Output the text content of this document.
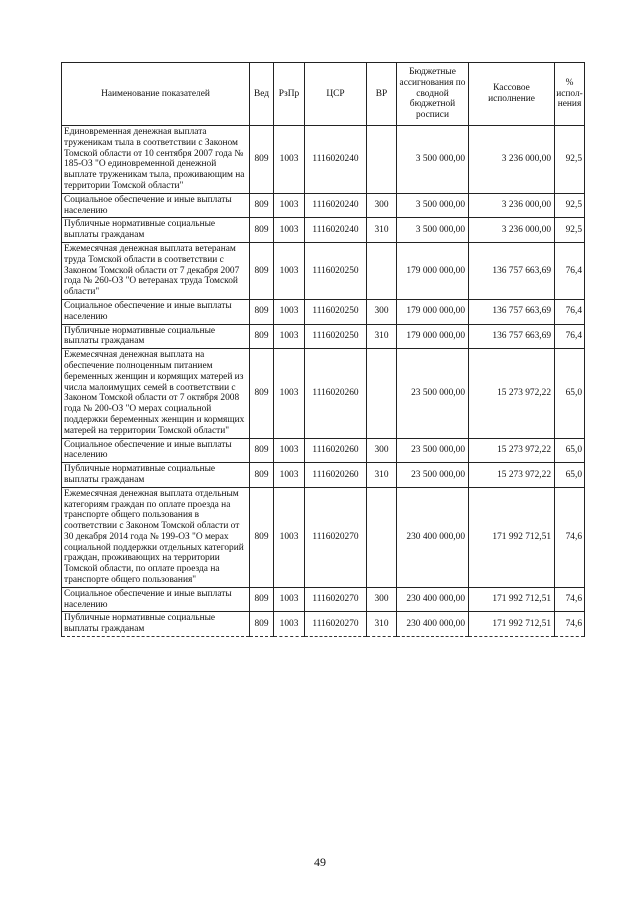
Наименование показателей	Вед	РзПр	ЦСР	ВР	Бюджетные ассигнования по сводной бюджетной росписи	Кассовое исполнение	% испол- нения
Единовременная денежная выплата труженикам тыла в соответствии с Законом Томской области от 10 сентября 2007 года № 185-ОЗ "О единовременной денежной выплате труженикам тыла, проживающим на территории Томской области"	809	1003	1116020240		3 500 000,00	3 236 000,00	92,5
Социальное обеспечение и иные выплаты населению	809	1003	1116020240	300	3 500 000,00	3 236 000,00	92,5
Публичные нормативные социальные выплаты гражданам	809	1003	1116020240	310	3 500 000,00	3 236 000,00	92,5
Ежемесячная денежная выплата ветеранам труда Томской области в соответствии с Законом Томской области от 7 декабря 2007 года № 260-ОЗ "О ветеранах труда Томской области"	809	1003	1116020250		179 000 000,00	136 757 663,69	76,4
Социальное обеспечение и иные выплаты населению	809	1003	1116020250	300	179 000 000,00	136 757 663,69	76,4
Публичные нормативные социальные выплаты гражданам	809	1003	1116020250	310	179 000 000,00	136 757 663,69	76,4
Ежемесячная денежная выплата на обеспечение полноценным питанием беременных женщин и кормящих матерей из числа малоимущих семей в соответствии с Законом Томской области от 7 октября 2008 года № 200-ОЗ "О мерах социальной поддержки беременных женщин и кормящих матерей на территории Томской области"	809	1003	1116020260		23 500 000,00	15 273 972,22	65,0
Социальное обеспечение и иные выплаты населению	809	1003	1116020260	300	23 500 000,00	15 273 972,22	65,0
Публичные нормативные социальные выплаты гражданам	809	1003	1116020260	310	23 500 000,00	15 273 972,22	65,0
Ежемесячная денежная выплата отдельным категориям граждан по оплате проезда на транспорте общего пользования в соответствии с Законом Томской области от 30 декабря 2014 года № 199-ОЗ "О мерах социальной поддержки отдельных категорий граждан, проживающих на территории Томской области, по оплате проезда на транспорте общего пользования"	809	1003	1116020270		230 400 000,00	171 992 712,51	74,6
Социальное обеспечение и иные выплаты населению	809	1003	1116020270	300	230 400 000,00	171 992 712,51	74,6
Публичные нормативные социальные выплаты гражданам	809	1003	1116020270	310	230 400 000,00	171 992 712,51	74,6
49
